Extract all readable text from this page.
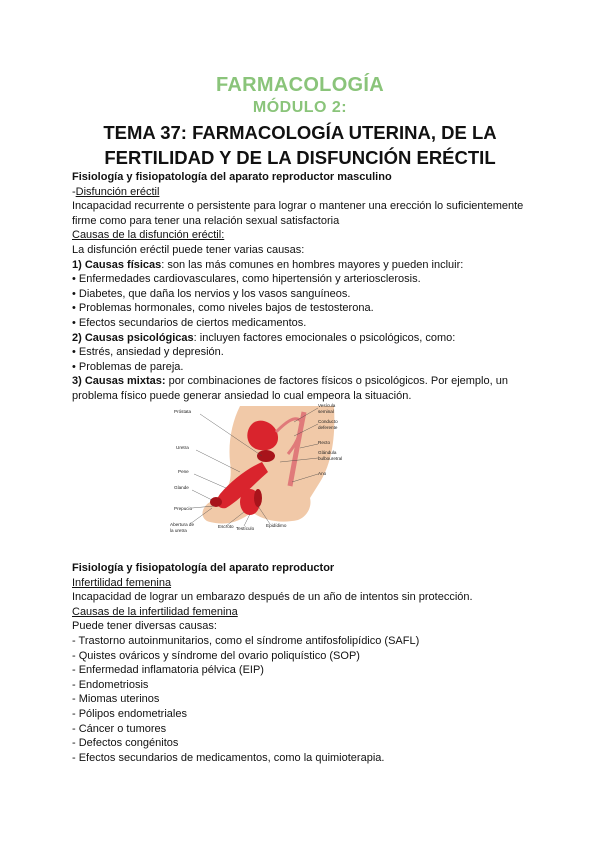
FARMACOLOGÍA
MÓDULO 2:
TEMA 37: FARMACOLOGÍA UTERINA, DE LA
FERTILIDAD Y DE LA DISFUNCIÓN ERÉCTIL
Fisiología y fisiopatología del aparato reproductor masculino
-Disfunción eréctil
Incapacidad recurrente o persistente para lograr o mantener una erección lo suficientemente
firme como para tener una relación sexual satisfactoria
Causas de la disfunción eréctil:
La disfunción eréctil puede tener varias causas:
1) Causas físicas: son las más comunes en hombres mayores y pueden incluir:
• Enfermedades cardiovasculares, como hipertensión y arteriosclerosis.
• Diabetes, que daña los nervios y los vasos sanguíneos.
• Problemas hormonales, como niveles bajos de testosterona.
• Efectos secundarios de ciertos medicamentos.
2) Causas psicológicas: incluyen factores emocionales o psicológicos, como:
• Estrés, ansiedad y depresión.
• Problemas de pareja.
3) Causas mixtas: por combinaciones de factores físicos o psicológicos. Por ejemplo, un
problema físico puede generar ansiedad lo cual empeora la situación.
Próstata
Uretra
Pene
Glande
Prepucio
Abertura de
la uretra
Escroto Testículo
Epidídimo
Vesícula
seminal
Conducto
deferente
Recto
Glándula
bulbouretral
Ano
Fisiología y fisiopatología del aparato reproductor
Infertilidad femenina
Incapacidad de lograr un embarazo después de un año de intentos sin protección.
Causas de la infertilidad femenina
Puede tener diversas causas:
- Trastorno autoinmunitarios, como el síndrome antifosfolipídico (SAFL)
- Quistes ováricos y síndrome del ovario poliquístico (SOP)
- Enfermedad inflamatoria pélvica (EIP)
- Endometriosis
- Miomas uterinos
- Pólipos endometriales
- Cáncer o tumores
- Defectos congénitos
- Efectos secundarios de medicamentos, como la quimioterapia.
